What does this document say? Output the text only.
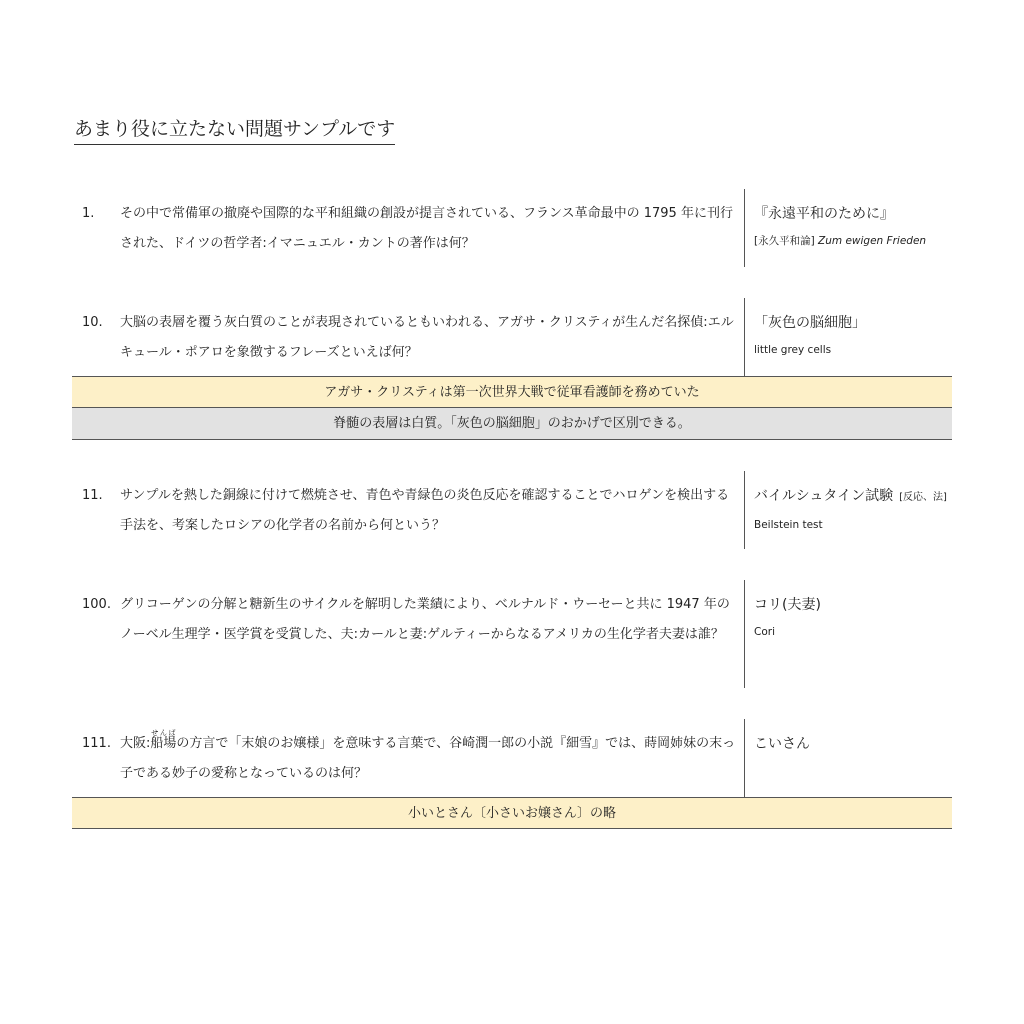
あまり役に立たない問題サンプルです
1.	その中で常備軍の撤廃や国際的な平和組織の創設が提言されている、フランス革命最中の 1795 年に刊行された、ドイツの哲学者:イマニュエル・カントの著作は何？
『永遠平和のために』
[永久平和論] Zum ewigen Frieden
10.	大脳の表層を覆う灰白質のことが表現されているともいわれる、アガサ・クリスティが生んだ名探偵:エルキュール・ポアロを象徴するフレーズといえば何？
「灰色の脳細胞」
little grey cells
アガサ・クリスティは第一次世界大戦で従軍看護師を務めていた
脊髄の表層は白質。「灰色の脳細胞」のおかげで区別できる。
11.	サンプルを熱した銅線に付けて燃焼させ、青色や青緑色の炎色反応を確認することでハロゲンを検出する手法を、考案したロシアの化学者の名前から何という？
バイルシュタイン試験 [反応、法]
Beilstein test
100. グリコーゲンの分解と糖新生のサイクルを解明した業績により、ベルナルド・ウーセーと共に 1947 年のノーベル生理学・医学賞を受賞した、夫:カールと妻:ゲルティーからなるアメリカの生化学者夫妻は誰？
コリ(夫妻)
Cori
111. 大阪:船場せんばの方言で「末娘のお嬢様」を意味する言葉で、谷崎潤一郎の小説『細雪』では、蒔岡姉妹の末っ子である妙子の愛称となっているのは何？
こいさん
小いとさん〔小さいお嬢さん〕の略
